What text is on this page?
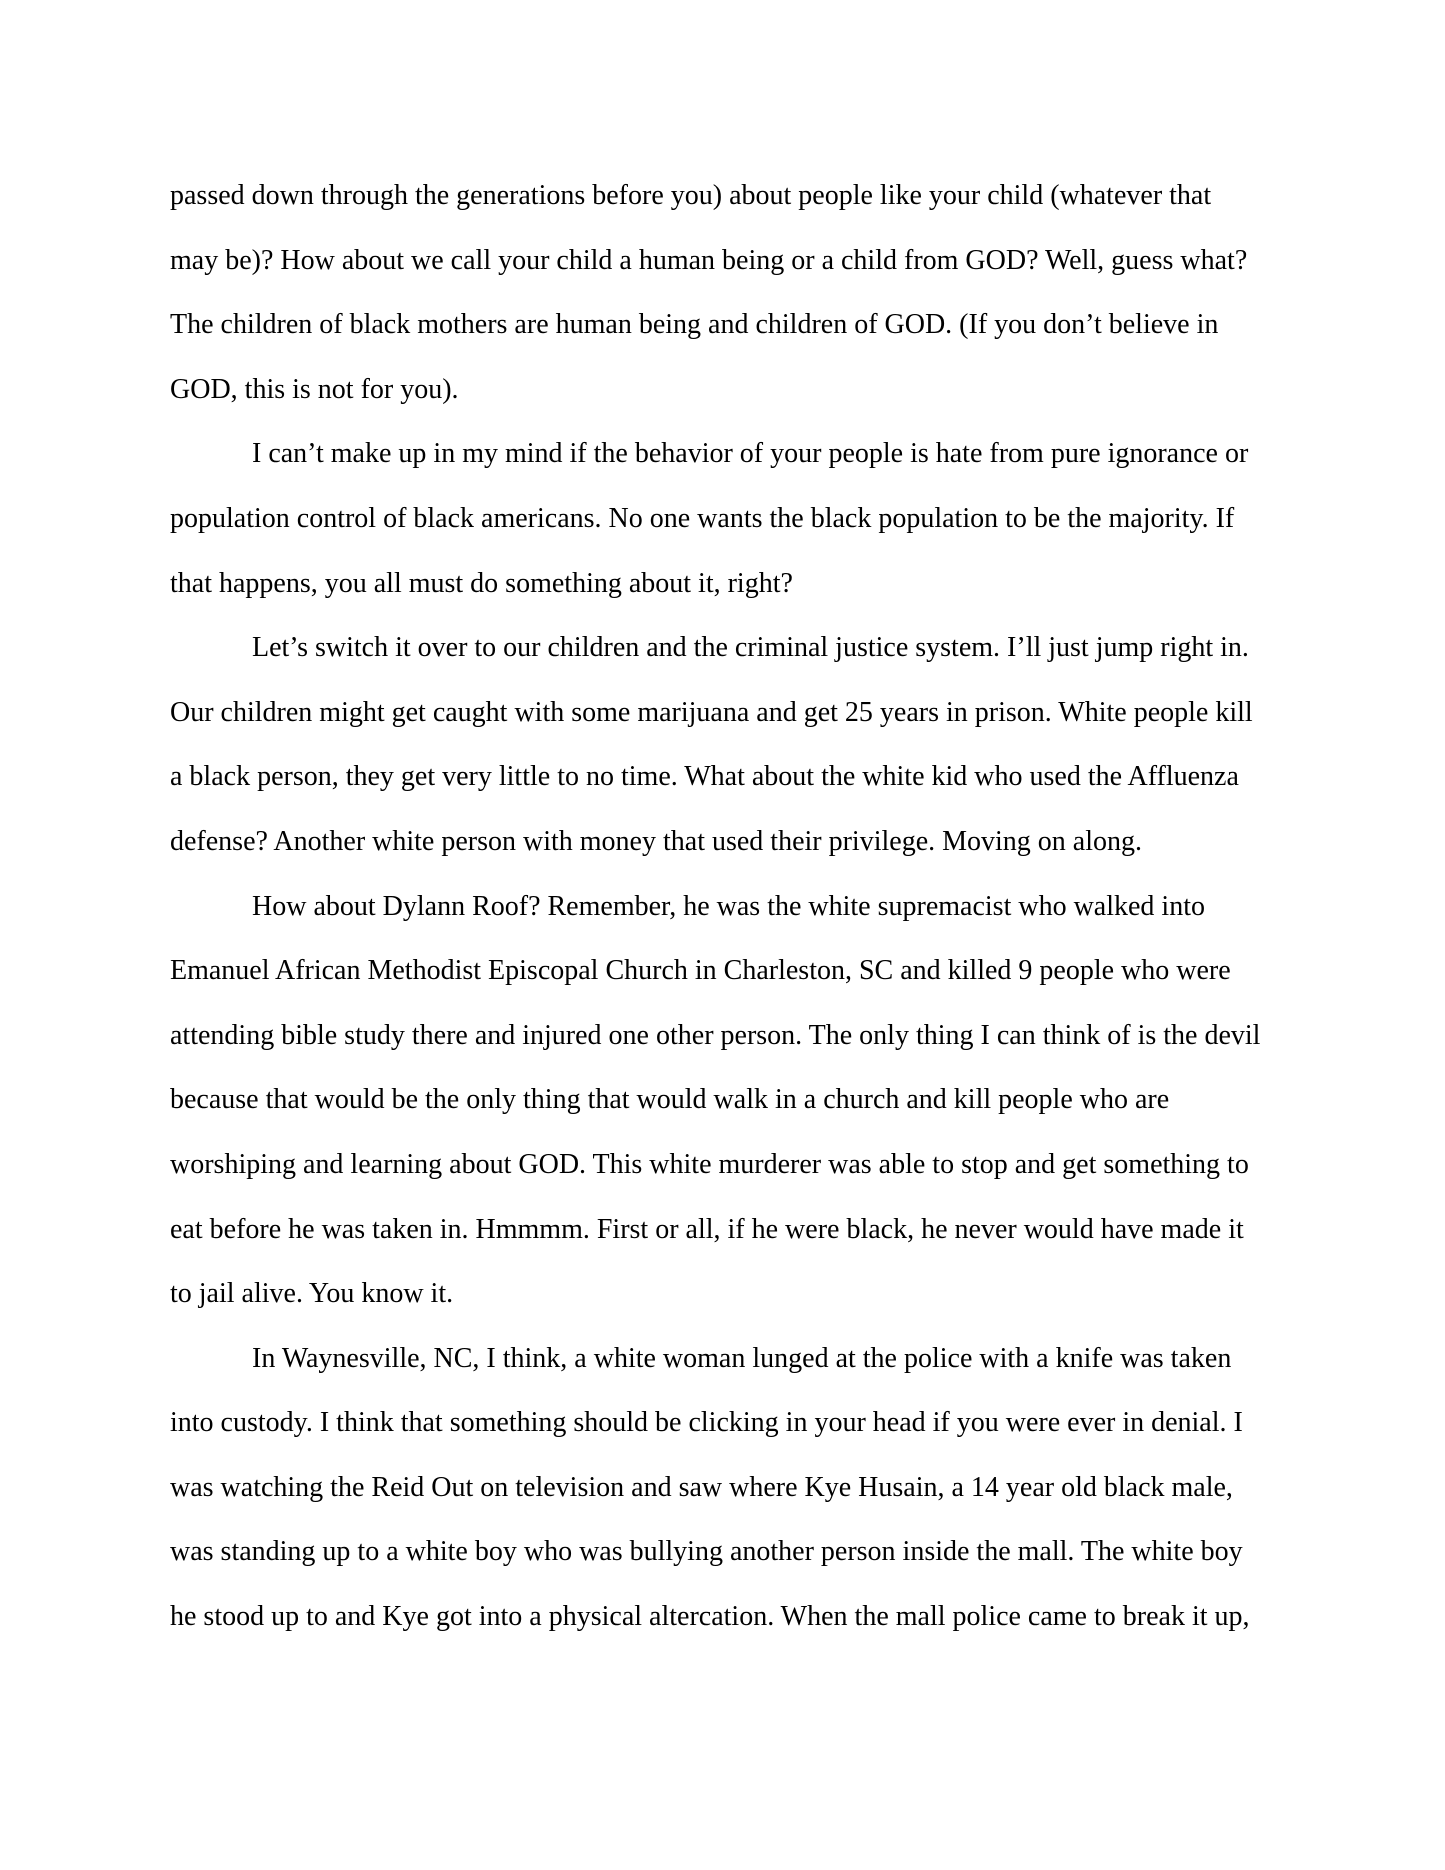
passed down through the generations before you) about people like your child (whatever that
may be)? How about we call your child a human being or a child from GOD? Well, guess what?
The children of black mothers are human being and children of GOD. (If you don’t believe in
GOD, this is not for you).
I can’t make up in my mind if the behavior of your people is hate from pure ignorance or
population control of black americans. No one wants the black population to be the majority. If
that happens, you all must do something about it, right?
Let’s switch it over to our children and the criminal justice system. I’ll just jump right in.
Our children might get caught with some marijuana and get 25 years in prison. White people kill
a black person, they get very little to no time. What about the white kid who used the Affluenza
defense? Another white person with money that used their privilege. Moving on along.
How about Dylann Roof? Remember, he was the white supremacist who walked into
Emanuel African Methodist Episcopal Church in Charleston, SC and killed 9 people who were
attending bible study there and injured one other person. The only thing I can think of is the devil
because that would be the only thing that would walk in a church and kill people who are
worshiping and learning about GOD. This white murderer was able to stop and get something to
eat before he was taken in. Hmmmm. First or all, if he were black, he never would have made it
to jail alive. You know it.
In Waynesville, NC, I think, a white woman lunged at the police with a knife was taken
into custody. I think that something should be clicking in your head if you were ever in denial. I
was watching the Reid Out on television and saw where Kye Husain, a 14 year old black male,
was standing up to a white boy who was bullying another person inside the mall. The white boy
he stood up to and Kye got into a physical altercation. When the mall police came to break it up,
